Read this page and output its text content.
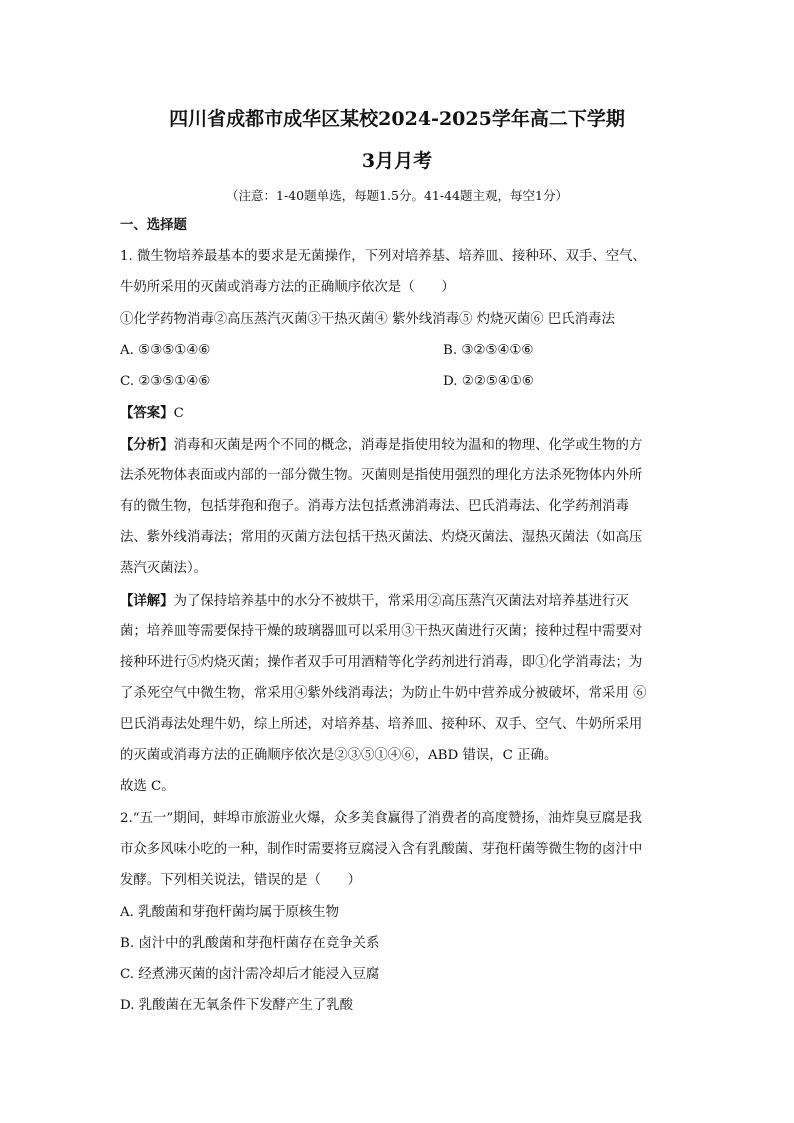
四川省成都市成华区某校2024-2025学年高二下学期
3月月考
（注意：1-40题单选，每题1.5分。41-44题主观，每空1分）
一、选择题
1. 微生物培养最基本的要求是无菌操作，下列对培养基、培养皿、接种环、双手、空气、
牛奶所采用的灭菌或消毒方法的正确顺序依次是（　　）
①化学药物消毒②高压蒸汽灭菌③干热灭菌④ 紫外线消毒⑤ 灼烧灭菌⑥ 巴氏消毒法
A. ⑤③⑤①④⑥	B. ③②⑤④①⑥
C. ②③⑤①④⑥	D. ②②⑤④①⑥
【答案】C
【分析】消毒和灭菌是两个不同的概念，消毒是指使用较为温和的物理、化学或生物的方
法杀死物体表面或内部的一部分微生物。灭菌则是指使用强烈的理化方法杀死物体内外所
有的微生物，包括芽孢和孢子。消毒方法包括煮沸消毒法、巴氏消毒法、化学药剂消毒
法、紫外线消毒法；常用的灭菌方法包括干热灭菌法、灼烧灭菌法、湿热灭菌法（如高压
蒸汽灭菌法）。
【详解】为了保持培养基中的水分不被烘干，常采用②高压蒸汽灭菌法对培养基进行灭
菌；培养皿等需要保持干燥的玻璃器皿可以采用③干热灭菌进行灭菌；接种过程中需要对
接种环进行⑤灼烧灭菌；操作者双手可用酒精等化学药剂进行消毒，即①化学消毒法；为
了杀死空气中微生物，常采用④紫外线消毒法；为防止牛奶中营养成分被破坏，常采用 ⑥
巴氏消毒法处理牛奶，综上所述，对培养基、培养皿、接种环、双手、空气、牛奶所采用
的灭菌或消毒方法的正确顺序依次是②③⑤①④⑥，ABD 错误，C 正确。
故选 C。
2.“五一”期间，蚌埠市旅游业火爆，众多美食赢得了消费者的高度赞扬，油炸臭豆腐是我
市众多风味小吃的一种，制作时需要将豆腐浸入含有乳酸菌、芽孢杆菌等微生物的卤汁中
发酵。下列相关说法，错误的是（　　）
A. 乳酸菌和芽孢杆菌均属于原核生物
B. 卤汁中的乳酸菌和芽孢杆菌存在竞争关系
C. 经煮沸灭菌的卤汁需冷却后才能浸入豆腐
D. 乳酸菌在无氧条件下发酵产生了乳酸
